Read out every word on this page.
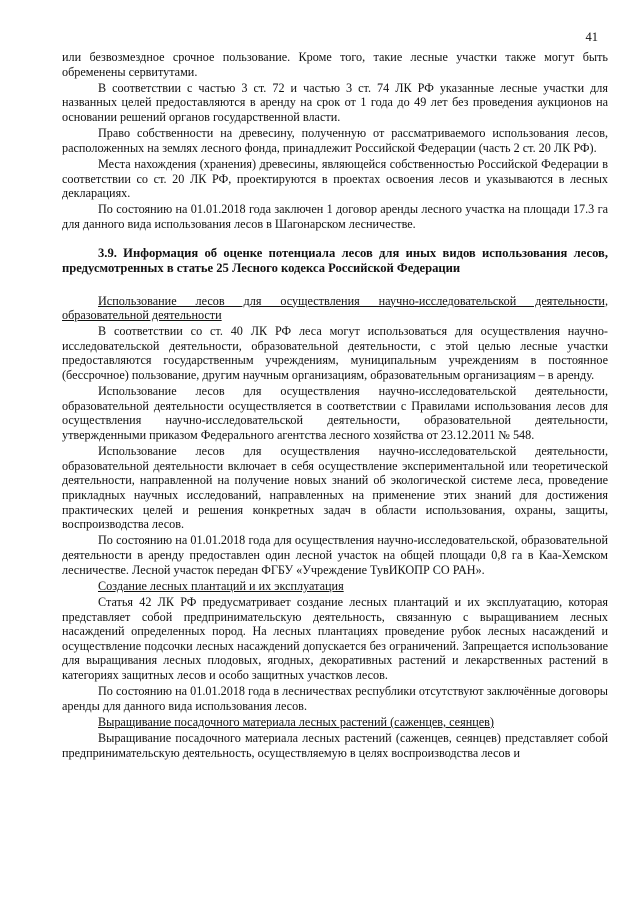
41

или безвозмездное срочное пользование. Кроме того, такие лесные участки также могут быть обременены сервитутами.

В соответствии с частью 3 ст. 72 и частью 3 ст. 74 ЛК РФ указанные лесные участки для названных целей предоставляются в аренду на срок от 1 года до 49 лет без проведения аукционов на основании решений органов государственной власти.

Право собственности на древесину, полученную от рассматриваемого использования лесов, расположенных на землях лесного фонда, принадлежит Российской Федерации (часть 2 ст. 20 ЛК РФ).

Места нахождения (хранения) древесины, являющейся собственностью Российской Федерации в соответствии со ст. 20 ЛК РФ, проектируются в проектах освоения лесов и указываются в лесных декларациях.

По состоянию на 01.01.2018 года заключен 1 договор аренды лесного участка на площади 17.3 га для данного вида использования лесов в Шагонарском лесничестве.

3.9. Информация об оценке потенциала лесов для иных видов использования лесов, предусмотренных в статье 25 Лесного кодекса Российской Федерации

Использование лесов для осуществления научно-исследовательской деятельности, образовательной деятельности

В соответствии со ст. 40 ЛК РФ леса могут использоваться для осуществления научно-исследовательской деятельности, образовательной деятельности, с этой целью лесные участки предоставляются государственным учреждениям, муниципальным учреждениям в постоянное (бессрочное) пользование, другим научным организациям, образовательным организациям – в аренду.

Использование лесов для осуществления научно-исследовательской деятельности, образовательной деятельности осуществляется в соответствии с Правилами использования лесов для осуществления научно-исследовательской деятельности, образовательной деятельности, утвержденными приказом Федерального агентства лесного хозяйства от 23.12.2011 № 548.

Использование лесов для осуществления научно-исследовательской деятельности, образовательной деятельности включает в себя осуществление экспериментальной или теоретической деятельности, направленной на получение новых знаний об экологической системе леса, проведение прикладных научных исследований, направленных на применение этих знаний для достижения практических целей и решения конкретных задач в области использования, охраны, защиты, воспроизводства лесов.

По состоянию на 01.01.2018 года для осуществления научно-исследовательской, образовательной деятельности в аренду предоставлен один лесной участок на общей площади 0,8 га в Каа-Хемском лесничестве. Лесной участок передан ФГБУ «Учреждение ТувИКОПР СО РАН».

Создание лесных плантаций и их эксплуатация

Статья 42 ЛК РФ предусматривает создание лесных плантаций и их эксплуатацию, которая представляет собой предпринимательскую деятельность, связанную с выращиванием лесных насаждений определенных пород. На лесных плантациях проведение рубок лесных насаждений и осуществление подсочки лесных насаждений допускается без ограничений. Запрещается использование для выращивания лесных плодовых, ягодных, декоративных растений и лекарственных растений в категориях защитных лесов и особо защитных участков лесов.

По состоянию на 01.01.2018 года в лесничествах республики отсутствуют заключённые договоры аренды для данного вида использования лесов.

Выращивание посадочного материала лесных растений (саженцев, сеянцев)

Выращивание посадочного материала лесных растений (саженцев, сеянцев) представляет собой предпринимательскую деятельность, осуществляемую в целях воспроизводства лесов и
